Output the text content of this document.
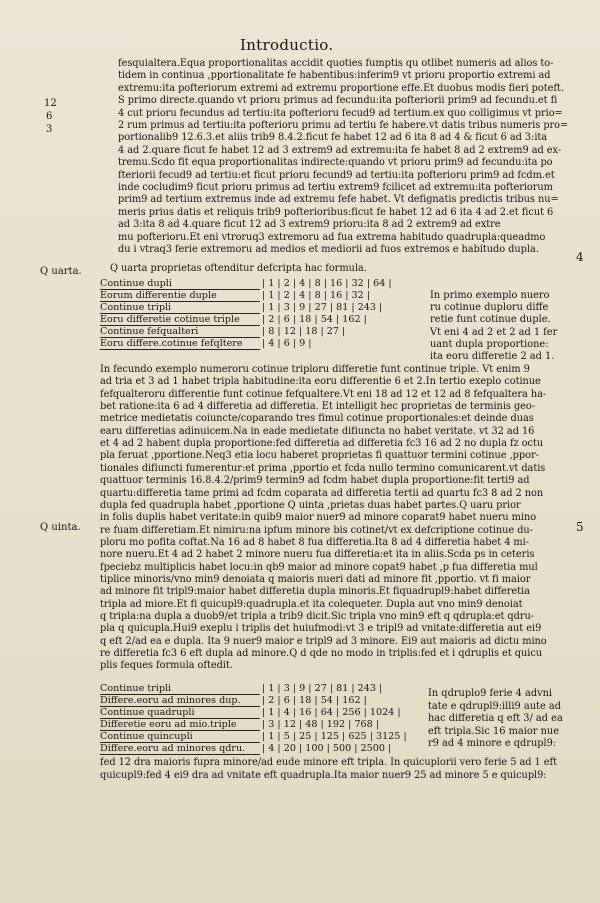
Introductio.
12
6
3
Q uarta.
Q uinta.
4
5
fesquialtera.Equa proportionalitas accidit quoties fumptis qu otlibet numeris ad alios to-
tidem in continua ,pportionalitate fe habentibus:inferim9 vt prioru proportio extremi ad
extremu:ita pofteriorum extremi ad extremu proportione effe.Et duobus modis fieri poteft.
S primo directe.quando vt prioru primus ad fecundu:ita pofteriorii prim9 ad fecundu.et fi
4 cut prioru fecundus ad tertiu:ita pofterioru fecud9 ad tertium.ex quo colligimus vt prio=
2 rum primus ad tertiu:ita pofterioru primu ad tertiu fe habere.vt datis tribus numeris pro=
portionalib9 12.6.3.et aliis trib9 8.4.2.ficut fe habet 12 ad 6 ita 8 ad 4 & ficut 6 ad 3:ita
4 ad 2.quare ficut fe habet 12 ad 3 extrem9 ad extremu:ita fe habet 8 ad 2 extrem9 ad ex-
tremu.Scdo fit equa proportionalitas indirecte:quando vt prioru prim9 ad fecundu:ita po
fteriorii fecud9 ad tertiu:et ficut prioru fecund9 ad tertiu:ita pofterioru prim9 ad fcdm.et
inde cocludim9 ficut prioru primus ad tertiu extrem9 fcilicet ad extremu:ita pofteriorum
prim9 ad tertium extremus inde ad extremu fefe habet. Vt defignatis predictis tribus nu=
meris prius datis et reliquis trib9 pofterioribus:ficut fe habet 12 ad 6 ita 4 ad 2.et ficut 6
ad 3:ita 8 ad 4.quare ficut 12 ad 3 extrem9 prioru:ita 8 ad 2 extrem9 ad extre
mu pofterioru.Et eni vtroruq3 extremoru ad fua extrema habitudo quadrupla:queadmo
du i vtraq3 ferie extremoru ad medios et mediorii ad fuos extremos e habitudo dupla.
Q uarta proprietas oftenditur defcripta hac formula.
Continue dupli	| 1 | 2 | 4 | 8 | 16 | 32 | 64 |
Eorum differentie duple	| 1 | 2 | 4 | 8 | 16 | 32 |
Continue tripli	| 1 | 3 | 9 | 27 | 81 | 243 |
Eoru differetie cotinue triple	| 2 | 6 | 18 | 54 | 162 |
Continue fefqualteri	| 8 | 12 | 18 | 27 |
Eoru differe.cotinue fefqltere	| 4 | 6 | 9 |
In primo exemplo nuero
ru cotinue duploru diffe
retie funt cotinue duple.
Vt eni 4 ad 2 et 2 ad 1 fer
uant dupla proportione:
ita eoru differetie 2 ad 1.
In fecundo exemplo numeroru cotinue triploru differetie funt continue triple. Vt enim 9
ad tria et 3 ad 1 habet tripla habitudine:ita eoru differentie 6 et 2.In tertio exeplo cotinue
fefqualteroru differentie funt cotinue fefqualtere.Vt eni 18 ad 12 et 12 ad 8 fefqualtera ha-
bet ratione:ita 6 ad 4 differetia ad differetia. Et intelligit hec proprietas de terminis geo-
metrice medietatis coiuncte/coparando tres fimul cotinue proportionales:et deinde duas
earu differetias adinuicem.Na in eade medietate difiuncta no habet veritate. vt 32 ad 16
et 4 ad 2 habent dupla proportione:fed differetia ad differetia fc3 16 ad 2 no dupla fz octu
pla feruat ,pportione.Neq3 etia locu haberet proprietas fi quattuor termini cotinue ,ppor-
tionales difiuncti fumerentur:et prima ,pportio et fcda nullo termino comunicarent.vt datis
quattuor terminis 16.8.4.2/prim9 termin9 ad fcdm habet dupla proportione:fit terti9 ad
quartu:differetia tame primi ad fcdm coparata ad differetia tertii ad quartu fc3 8 ad 2 non
dupla fed quadrupla habet ,pportione Q uinta ,prietas duas habet partes.Q uaru prior
in folis duplis habet veritate:in quib9 maior nuer9 ad minore coparat9 habet nueru mino
re fuam differetiam.Et nimiru:na ipfum minore bis cotinet/vt ex defcriptione cotinue du-
ploru mo pofita coftat.Na 16 ad 8 habet 8 fua differetia.Ita 8 ad 4 differetia habet 4 mi-
nore nueru.Et 4 ad 2 habet 2 minore nueru fua differetia:et ita in aliis.Scda ps in ceteris
fpeciebz multiplicis habet locu:in qb9 maior ad minore copat9 habet ,p fua differetia mul
tiplice minoris/vno min9 denoiata q maioris nueri dati ad minore fit ,pportio. vt fi maior
ad minore fit tripl9:maior habet differetia dupla minoris.Et fiquadrupl9:habet differetia
tripla ad miore.Et fi quicupl9:quadrupla.et ita colequeter. Dupla aut vno min9 denoiat
q tripla:na dupla a duob9/et tripla a trib9 dicit.Sic tripla vno min9 eft q qdrupla:et qdru-
pla q quicupla.Hui9 exeplu i triplis det huiufmodi:vt 3 e tripl9 ad vnitate:differetia aut ei9
q eft 2/ad ea e dupla. Ita 9 nuer9 maior e tripl9 ad 3 minore. Ei9 aut maioris ad dictu mino
re differetia fc3 6 eft dupla ad minore.Q d qde no modo in triplis:fed et i qdruplis et quicu
plis feques formula oftedit.
Continue tripli	| 1 | 3 | 9 | 27 | 81 | 243 |
Differe.eoru ad minores dup.	| 2 | 6 | 18 | 54 | 162 |
Continue quadrupli	| 1 | 4 | 16 | 64 | 256 | 1024 |
Differetie eoru ad mio.triple	| 3 | 12 | 48 | 192 | 768 |
Continue quincupli	| 1 | 5 | 25 | 125 | 625 | 3125 |
Differe.eoru ad minores qdru.	| 4 | 20 | 100 | 500 | 2500 |
In qdruplo9 ferie 4 advni
tate e qdrupl9:illi9 aute ad
hac differetia q eft 3/ ad ea
eft tripla.Sic 16 maior nue
r9 ad 4 minore e qdrupl9:
fed 12 dra maioris fupra minore/ad eude minore eft tripla. In quicuplorii vero ferie 5 ad 1 eft
quicupl9:fed 4 ei9 dra ad vnitate eft quadrupla.Ita maior nuer9 25 ad minore 5 e quicupl9:
